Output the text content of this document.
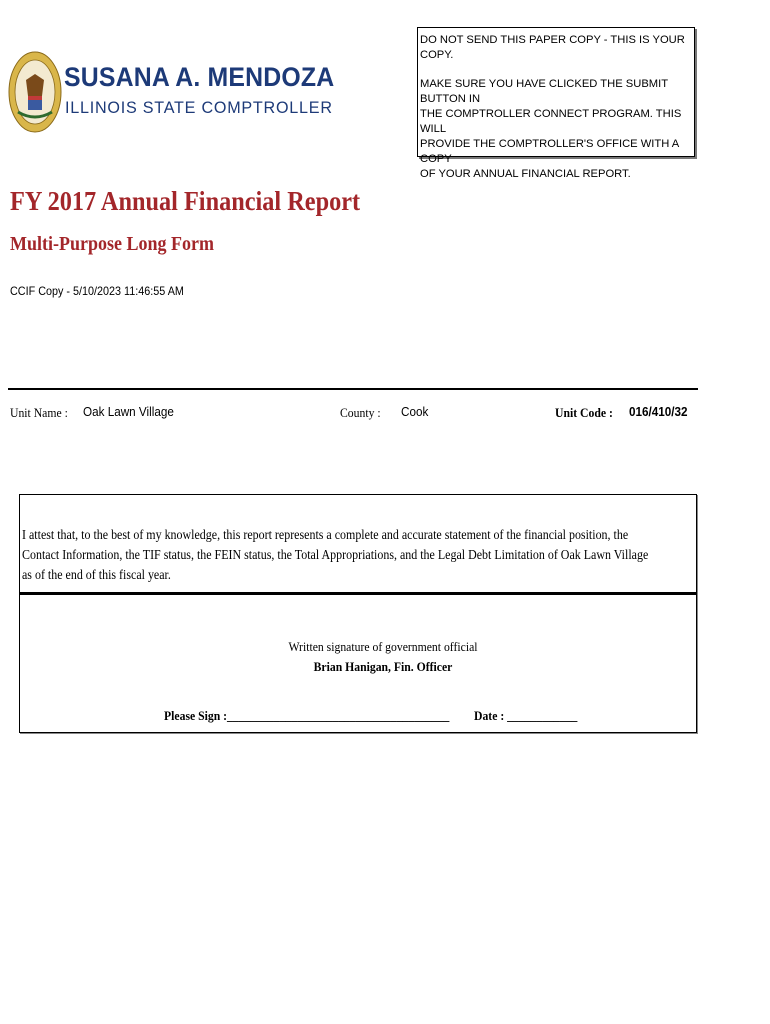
SUSANA A. MENDOZA
ILLINOIS STATE COMPTROLLER

DO NOT SEND THIS PAPER COPY - THIS IS YOUR COPY.

MAKE SURE YOU HAVE CLICKED THE SUBMIT BUTTON IN
THE COMPTROLLER CONNECT PROGRAM. THIS WILL
PROVIDE THE COMPTROLLER'S OFFICE WITH A COPY
OF YOUR ANNUAL FINANCIAL REPORT.

FY 2017 Annual Financial Report
Multi-Purpose Long Form
CCIF Copy - 5/10/2023 11:46:55 AM
Unit Name : Oak Lawn Village	County : Cook	Unit Code : 016/410/32
I attest that, to the best of my knowledge, this report represents a complete and accurate statement of the financial position, the Contact Information, the TIF status, the FEIN status, the Total Appropriations, and the Legal Debt Limitation of Oak Lawn Village as of the end of this fiscal year.
Written signature of government official
Brian Hanigan, Fin. Officer
Please Sign :______________________________________ Date : ____________
